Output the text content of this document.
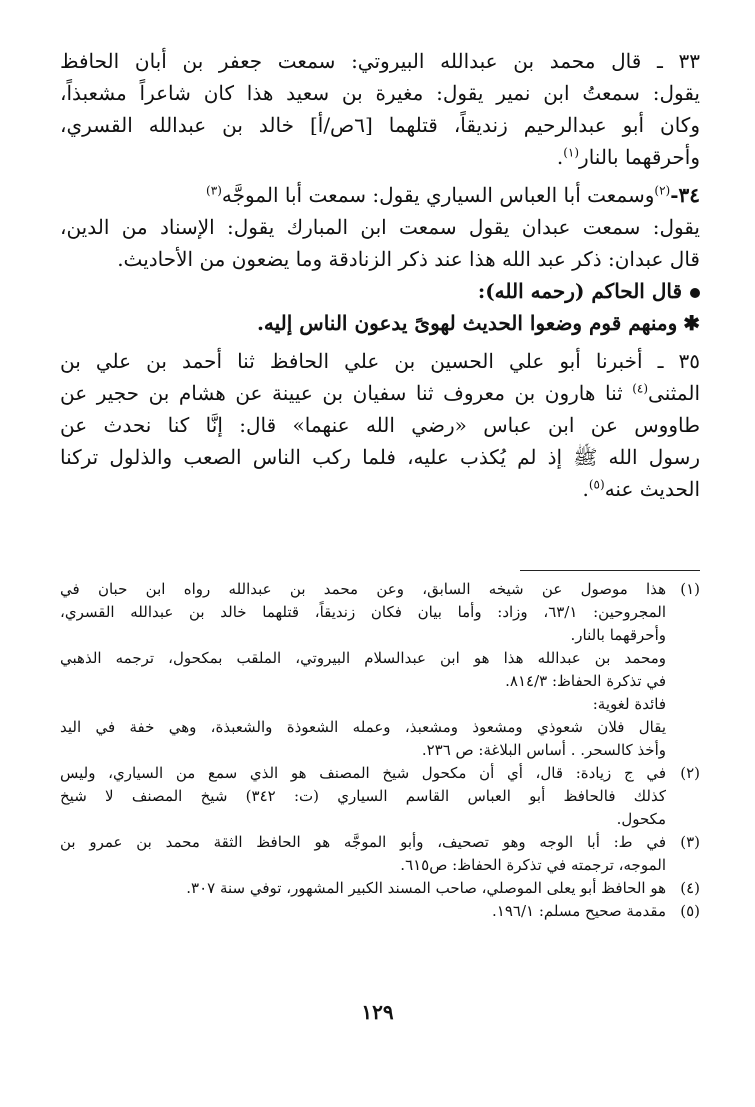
٣٣ ـ قال محمد بن عبدالله البيروتي: سمعت جعفر بن أبان الحافظ
يقول: سمعتُ ابن نمير يقول: مغيرة بن سعيد هذا كان شاعراً مشعبذاً،
وكان أبو عبدالرحيم زنديقاً، قتلهما [٦ص/أ] خالد بن عبدالله القسري،
وأحرقهما بالنار$^{(١)}$.
٣٤-$^{(٢)}$وسمعت أبا العباس السياري يقول: سمعت أبا الموجَّه$^{(٣)}$
يقول: سمعت عبدان يقول سمعت ابن المبارك يقول: الإسناد من الدين،
قال عبدان: ذكر عبد الله هذا عند ذكر الزنادقة وما يضعون من الأحاديث.
قال الحاكم (رحمه الله):
✱ومنهم قوم وضعوا الحديث لهوىً يدعون الناس إليه.
٣٥ ـ أخبرنا أبو علي الحسين بن علي الحافظ ثنا أحمد بن علي بن
المثنى$^{(٤)}$ ثنا هارون بن معروف ثنا سفيان بن عيينة عن هشام بن حجير عن
طاووس عن ابن عباس «رضي الله عنهما» قال: إنَّا كنا نحدث عن
رسول الله ﷺ إذ لم يُكذب عليه، فلما ركب الناس الصعب والذلول تركنا
الحديث عنه$^{(٥)}$.
(١)
هذا موصول عن شيخه السابق، وعن محمد بن عبدالله رواه ابن حبان في
المجروحين: ٦٣/١، وزاد: وأما بيان فكان زنديقاً، قتلهما خالد بن عبدالله القسري،
وأحرقهما بالنار.
ومحمد بن عبدالله هذا هو ابن عبدالسلام البيروتي، الملقب بمكحول، ترجمه الذهبي
في تذكرة الحفاظ: ٨١٤/٣.
فائدة لغوية:
يقال فلان شعوذي ومشعوذ ومشعبذ، وعمله الشعوذة والشعبذة، وهي خفة في اليد
وأخذ كالسحر. . أساس البلاغة: ص ٢٣٦.
(٢)
في ج زيادة: قال، أي أن مكحول شيخ المصنف هو الذي سمع من السياري، وليس
كذلك فالحافظ أبو العباس القاسم السياري (ت: ٣٤٢) شيخ المصنف لا شيخ
مكحول.
(٣)
في ط: أبا الوجه وهو تصحيف، وأبو الموجَّه هو الحافظ الثقة محمد بن عمرو بن
الموجه، ترجمته في تذكرة الحفاظ: ص٦١٥.
(٤)
هو الحافظ أبو يعلى الموصلي، صاحب المسند الكبير المشهور، توفي سنة ٣٠٧.
(٥)
مقدمة صحيح مسلم: ١٩٦/١.
١٢٩
